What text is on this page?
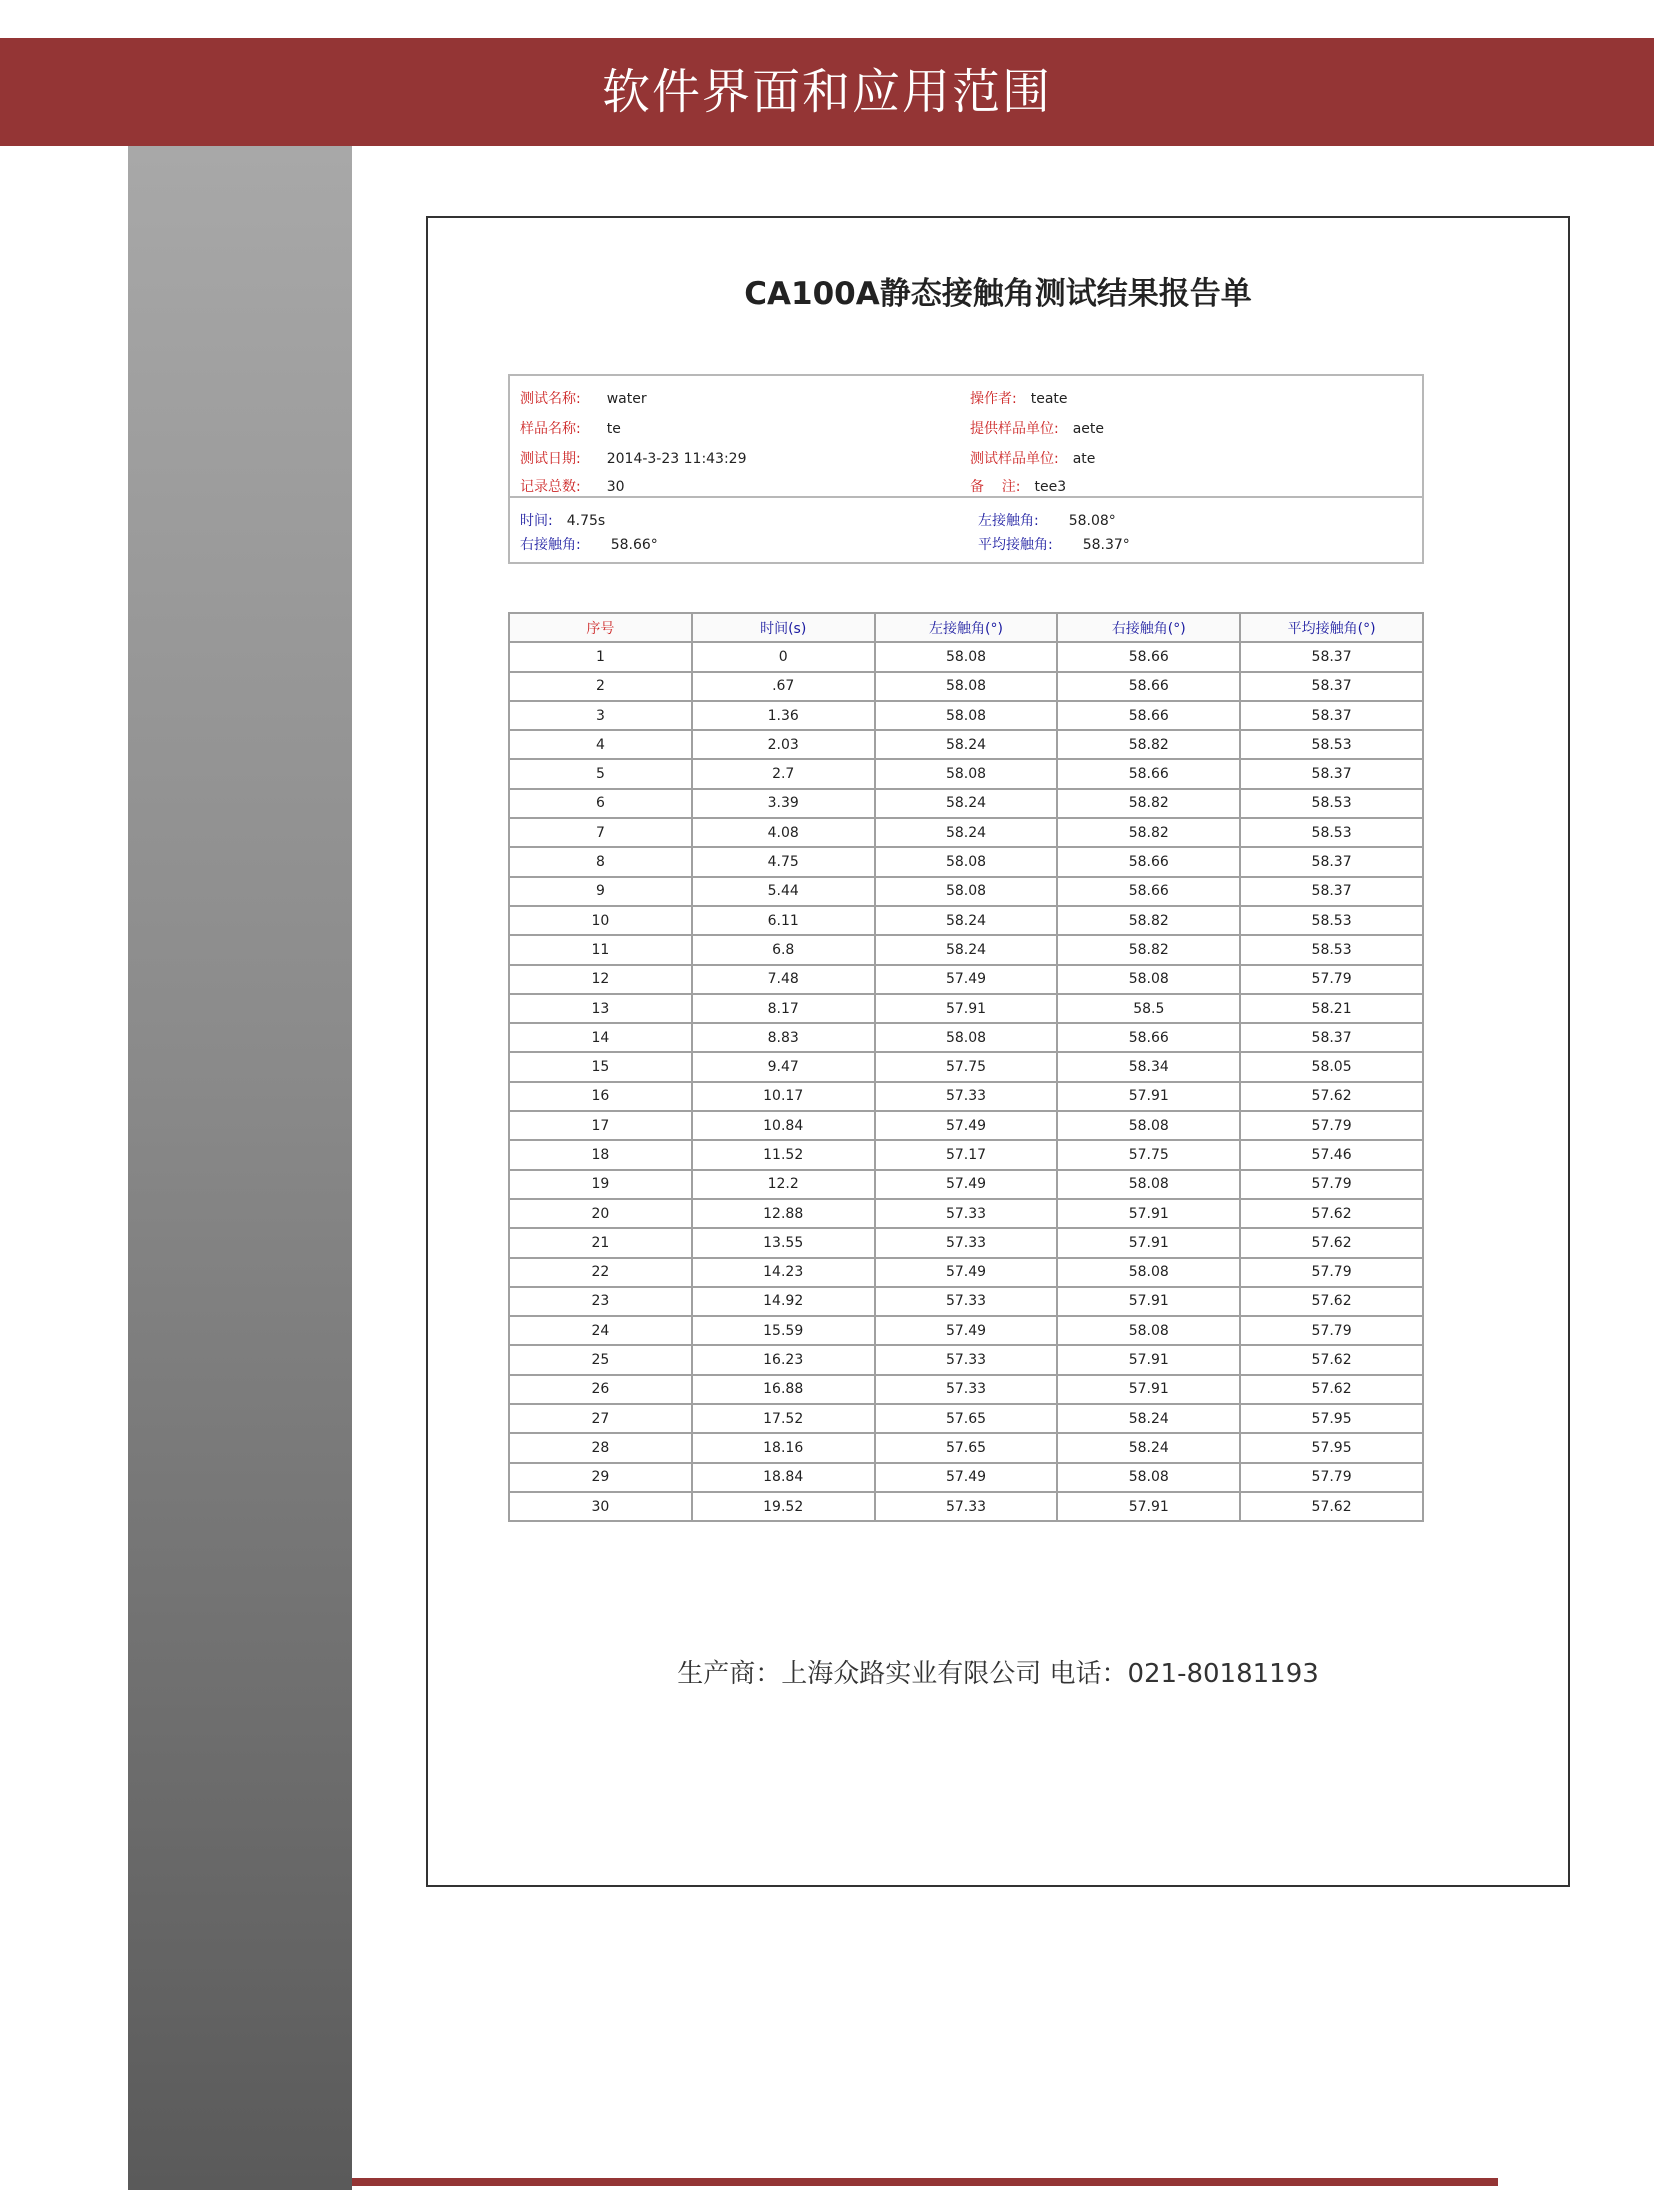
软件界面和应用范围
CA100A静态接触角测试结果报告单
测试名称: water
样品名称: te
测试日期: 2014-3-23 11:43:29
记录总数: 30
操作者: teate
提供样品单位: aete
测试样品单位: ate
备    注: tee3
时间: 4.75s
右接触角: 58.66°
左接触角: 58.08°
平均接触角: 58.37°
序号	时间(s)	左接触角(°)	右接触角(°)	平均接触角(°)
1	0	58.08	58.66	58.37
2	.67	58.08	58.66	58.37
3	1.36	58.08	58.66	58.37
4	2.03	58.24	58.82	58.53
5	2.7	58.08	58.66	58.37
6	3.39	58.24	58.82	58.53
7	4.08	58.24	58.82	58.53
8	4.75	58.08	58.66	58.37
9	5.44	58.08	58.66	58.37
10	6.11	58.24	58.82	58.53
11	6.8	58.24	58.82	58.53
12	7.48	57.49	58.08	57.79
13	8.17	57.91	58.5	58.21
14	8.83	58.08	58.66	58.37
15	9.47	57.75	58.34	58.05
16	10.17	57.33	57.91	57.62
17	10.84	57.49	58.08	57.79
18	11.52	57.17	57.75	57.46
19	12.2	57.49	58.08	57.79
20	12.88	57.33	57.91	57.62
21	13.55	57.33	57.91	57.62
22	14.23	57.49	58.08	57.79
23	14.92	57.33	57.91	57.62
24	15.59	57.49	58.08	57.79
25	16.23	57.33	57.91	57.62
26	16.88	57.33	57.91	57.62
27	17.52	57.65	58.24	57.95
28	18.16	57.65	58.24	57.95
29	18.84	57.49	58.08	57.79
30	19.52	57.33	57.91	57.62
生产商：上海众路实业有限公司 电话：021-80181193
